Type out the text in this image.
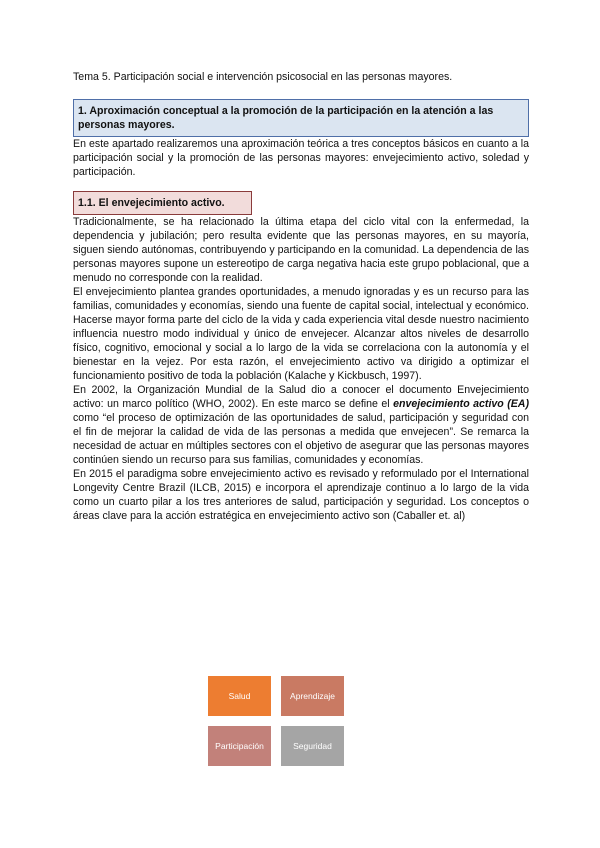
Tema 5. Participación social e intervención psicosocial en las personas mayores.

1. Aproximación conceptual a la promoción de la participación en la atención a las personas mayores.

En este apartado realizaremos una aproximación teórica a tres conceptos básicos en cuanto a la participación social y la promoción de las personas mayores: envejecimiento activo, soledad y participación.

1.1. El envejecimiento activo.

Tradicionalmente, se ha relacionado la última etapa del ciclo vital con la enfermedad, la dependencia y jubilación; pero resulta evidente que las personas mayores, en su mayoría, siguen siendo autónomas, contribuyendo y participando en la comunidad. La dependencia de las personas mayores supone un estereotipo de carga negativa hacia este grupo poblacional, que a menudo no corresponde con la realidad.

El envejecimiento plantea grandes oportunidades, a menudo ignoradas y es un recurso para las familias, comunidades y economías, siendo una fuente de capital social, intelectual y económico. Hacerse mayor forma parte del ciclo de la vida y cada experiencia vital desde nuestro nacimiento influencia nuestro modo individual y único de envejecer. Alcanzar altos niveles de desarrollo físico, cognitivo, emocional y social a lo largo de la vida se correlaciona con la autonomía y el bienestar en la vejez. Por esta razón, el envejecimiento activo va dirigido a optimizar el funcionamiento positivo de toda la población (Kalache y Kickbusch, 1997).

En 2002, la Organización Mundial de la Salud dio a conocer el documento Envejecimiento activo: un marco político (WHO, 2002). En este marco se define el envejecimiento activo (EA) como “el proceso de optimización de las oportunidades de salud, participación y seguridad con el fin de mejorar la calidad de vida de las personas a medida que envejecen”. Se remarca la necesidad de actuar en múltiples sectores con el objetivo de asegurar que las personas mayores continúen siendo un recurso para sus familias, comunidades y economías.

En 2015 el paradigma sobre envejecimiento activo es revisado y reformulado por el International Longevity Centre Brazil (ILCB, 2015) e incorpora el aprendizaje continuo a lo largo de la vida como un cuarto pilar a los tres anteriores de salud, participación y seguridad. Los conceptos o áreas clave para la acción estratégica en envejecimiento activo son (Caballer et. al)

Salud	Aprendizaje
Participación	Seguridad
